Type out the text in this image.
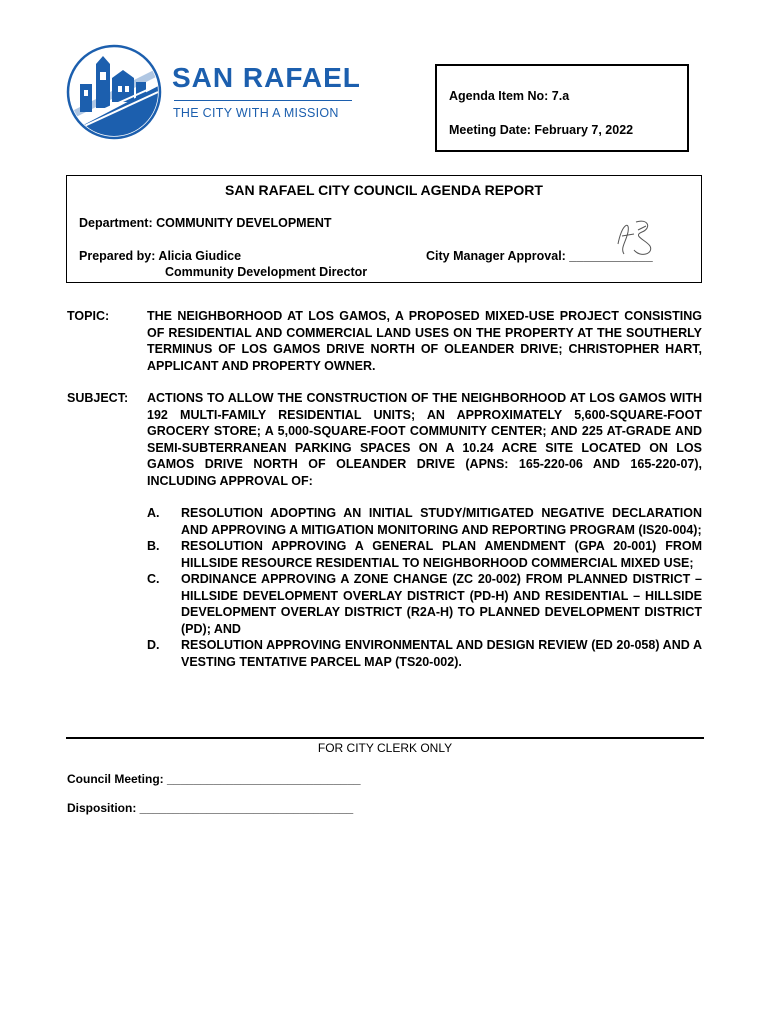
SAN RAFAEL
THE CITY WITH A MISSION
Agenda Item No: 7.a
Meeting Date: February 7, 2022
SAN RAFAEL CITY COUNCIL AGENDA REPORT
Department: COMMUNITY DEVELOPMENT
Prepared by: Alicia Giudice
Community Development Director
City Manager Approval: ____________
TOPIC:	THE NEIGHBORHOOD AT LOS GAMOS, A PROPOSED MIXED-USE PROJECT CONSISTING OF RESIDENTIAL AND COMMERCIAL LAND USES ON THE PROPERTY AT THE SOUTHERLY TERMINUS OF LOS GAMOS DRIVE NORTH OF OLEANDER DRIVE; CHRISTOPHER HART, APPLICANT AND PROPERTY OWNER.
SUBJECT: ACTIONS TO ALLOW THE CONSTRUCTION OF THE NEIGHBORHOOD AT LOS GAMOS WITH 192 MULTI-FAMILY RESIDENTIAL UNITS; AN APPROXIMATELY 5,600-SQUARE-FOOT GROCERY STORE; A 5,000-SQUARE-FOOT COMMUNITY CENTER; AND 225 AT-GRADE AND SEMI-SUBTERRANEAN PARKING SPACES ON A 10.24 ACRE SITE LOCATED ON LOS GAMOS DRIVE NORTH OF OLEANDER DRIVE (APNS: 165-220-06 AND 165-220-07), INCLUDING APPROVAL OF:
A. RESOLUTION ADOPTING AN INITIAL STUDY/MITIGATED NEGATIVE DECLARATION AND APPROVING A MITIGATION MONITORING AND REPORTING PROGRAM (IS20-004);
B. RESOLUTION APPROVING A GENERAL PLAN AMENDMENT (GPA 20-001) FROM HILLSIDE RESOURCE RESIDENTIAL TO NEIGHBORHOOD COMMERCIAL MIXED USE;
C. ORDINANCE APPROVING A ZONE CHANGE (ZC 20-002) FROM PLANNED DISTRICT – HILLSIDE DEVELOPMENT OVERLAY DISTRICT (PD-H) AND RESIDENTIAL – HILLSIDE DEVELOPMENT OVERLAY DISTRICT (R2A-H) TO PLANNED DEVELOPMENT DISTRICT (PD); AND
D. RESOLUTION APPROVING ENVIRONMENTAL AND DESIGN REVIEW (ED 20-058) AND A VESTING TENTATIVE PARCEL MAP (TS20-002).
FOR CITY CLERK ONLY
Council Meeting: _____________________________
Disposition: ________________________________
